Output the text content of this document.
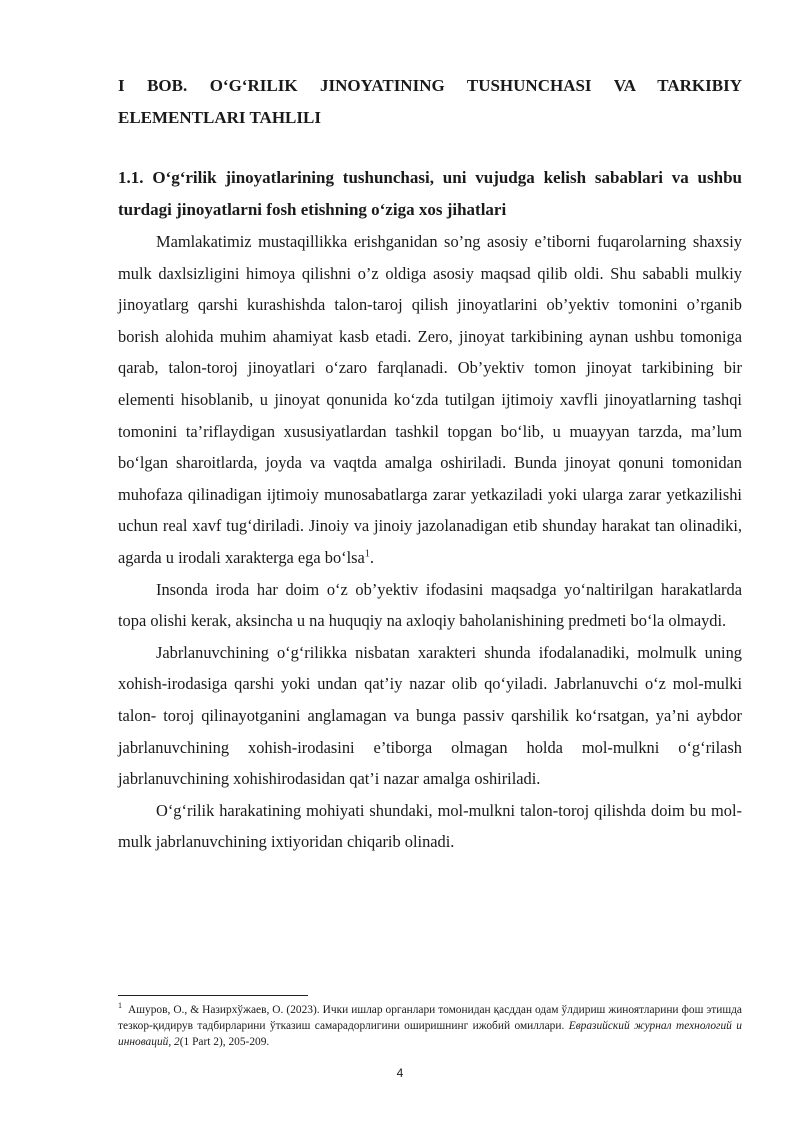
I BOB. O‘G‘RILIK JINOYATINING TUSHUNCHASI VA TARKIBIY ELEMENTLARI TAHLILI

1.1. O‘g‘rilik jinoyatlarining tushunchasi, uni vujudga kelish sabablari va ushbu turdagi jinoyatlarni fosh etishning o‘ziga xos jihatlari

Mamlakatimiz mustaqillikka erishganidan so’ng asosiy e’tiborni fuqarolarning shaxsiy mulk daxlsizligini himoya qilishni o’z oldiga asosiy maqsad qilib oldi. Shu sababli mulkiy jinoyatlarg qarshi kurashishda talon-taroj qilish jinoyatlarini ob’yektiv tomonini o’rganib borish alohida muhim ahamiyat kasb etadi. Zero, jinoyat tarkibining aynan ushbu tomoniga qarab, talon-toroj jinoyatlari o‘zaro farqlanadi. Ob’yektiv tomon jinoyat tarkibining bir elementi hisoblanib, u jinoyat qonunida ko‘zda tutilgan ijtimoiy xavfli jinoyatlarning tashqi tomonini ta’riflaydigan xususiyatlardan tashkil topgan bo‘lib, u muayyan tarzda, ma’lum bo‘lgan sharoitlarda, joyda va vaqtda amalga oshiriladi. Bunda jinoyat qonuni tomonidan muhofaza qilinadigan ijtimoiy munosabatlarga zarar yetkaziladi yoki ularga zarar yetkazilishi uchun real xavf tug‘diriladi. Jinoiy va jinoiy jazolanadigan etib shunday harakat tan olinadiki, agarda u irodali xarakterga ega bo‘lsa$^1$.

Insonda iroda har doim o‘z ob’yektiv ifodasini maqsadga yo‘naltirilgan harakatlarda topa olishi kerak, aksincha u na huquqiy na axloqiy baholanishining predmeti bo‘la olmaydi.

Jabrlanuvchining o‘g‘rilikka nisbatan xarakteri shunda ifodalanadiki, molmulk uning xohish-irodasiga qarshi yoki undan qat’iy nazar olib qo‘yiladi. Jabrlanuvchi o‘z mol-mulki talon- toroj qilinayotganini anglamagan va bunga passiv qarshilik ko‘rsatgan, ya’ni aybdor jabrlanuvchining xohish-irodasini e’tiborga olmagan holda mol-mulkni o‘g‘rilash jabrlanuvchining xohishirodasidan qat’i nazar amalga oshiriladi.

O‘g‘rilik harakatining mohiyati shundaki, mol-mulkni talon-toroj qilishda doim bu mol- mulk jabrlanuvchining ixtiyoridan chiqarib olinadi.

$^1$ Ашуров, О., & Назирхўжаев, О. (2023). Ички ишлар органлари томонидан қасддан одам ўлдириш жиноятларини фош этишда тезкор-қидирув тадбирларини ўтказиш самарадорлигини оширишнинг ижобий омиллари. Евразийский журнал технологий и инноваций, 2(1 Part 2), 205-209.
4
